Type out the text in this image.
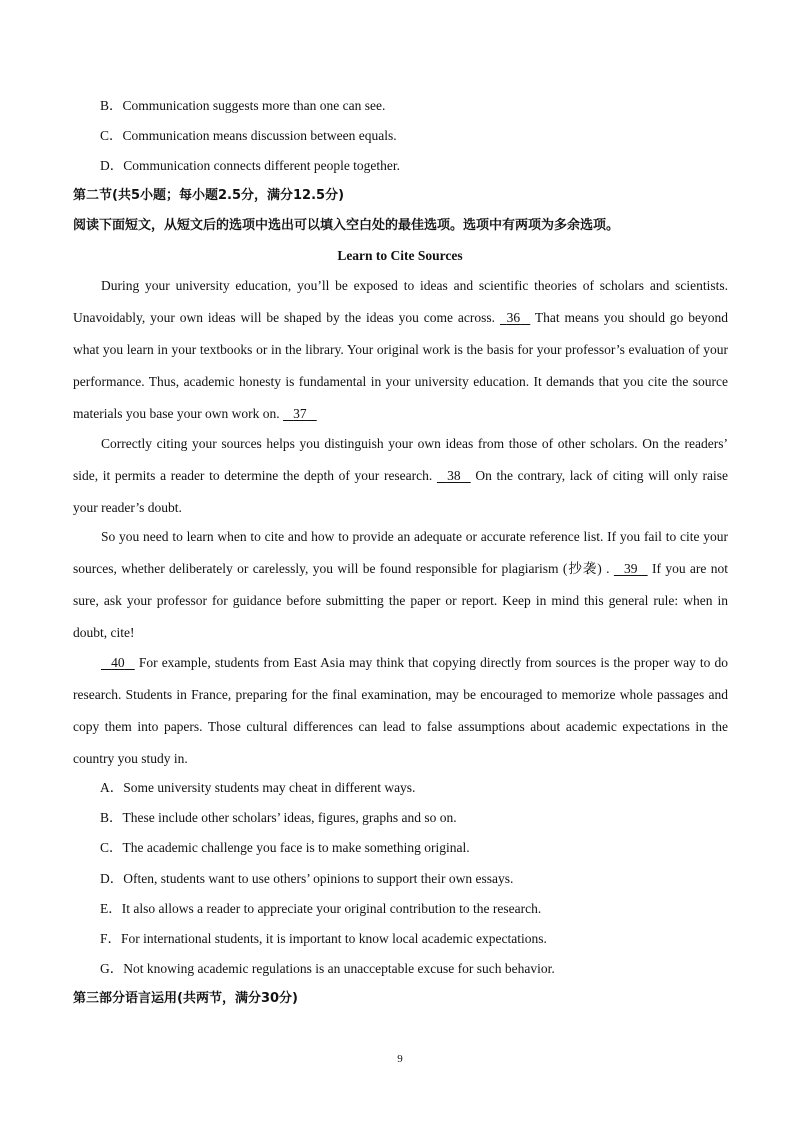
B．Communication suggests more than one can see.
C．Communication means discussion between equals.
D．Communication connects different people together.
第二节(共5小题；每小题2.5分，满分12.5分)
阅读下面短文，从短文后的选项中选出可以填入空白处的最佳选项。选项中有两项为多余选项。
Learn to Cite Sources
During your university education, you’ll be exposed to ideas and scientific theories of scholars and scientists. Unavoidably, your own ideas will be shaped by the ideas you come across. 36 That means you should go beyond what you learn in your textbooks or in the library. Your original work is the basis for your professor’s evaluation of your performance. Thus, academic honesty is fundamental in your university education. It demands that you cite the source materials you base your own work on. 37
Correctly citing your sources helps you distinguish your own ideas from those of other scholars. On the readers’ side, it permits a reader to determine the depth of your research. 38 On the contrary, lack of citing will only raise your reader’s doubt.
So you need to learn when to cite and how to provide an adequate or accurate reference list. If you fail to cite your sources, whether deliberately or carelessly, you will be found responsible for plagiarism (抄袭) . 39 If you are not sure, ask your professor for guidance before submitting the paper or report. Keep in mind this general rule: when in doubt, cite!
40 For example, students from East Asia may think that copying directly from sources is the proper way to do research. Students in France, preparing for the final examination, may be encouraged to memorize whole passages and copy them into papers. Those cultural differences can lead to false assumptions about academic expectations in the country you study in.
A．Some university students may cheat in different ways.
B．These include other scholars’ ideas, figures, graphs and so on.
C．The academic challenge you face is to make something original.
D．Often, students want to use others’ opinions to support their own essays.
E．It also allows a reader to appreciate your original contribution to the research.
F．For international students, it is important to know local academic expectations.
G．Not knowing academic regulations is an unacceptable excuse for such behavior.
第三部分语言运用(共两节，满分30分)
9
